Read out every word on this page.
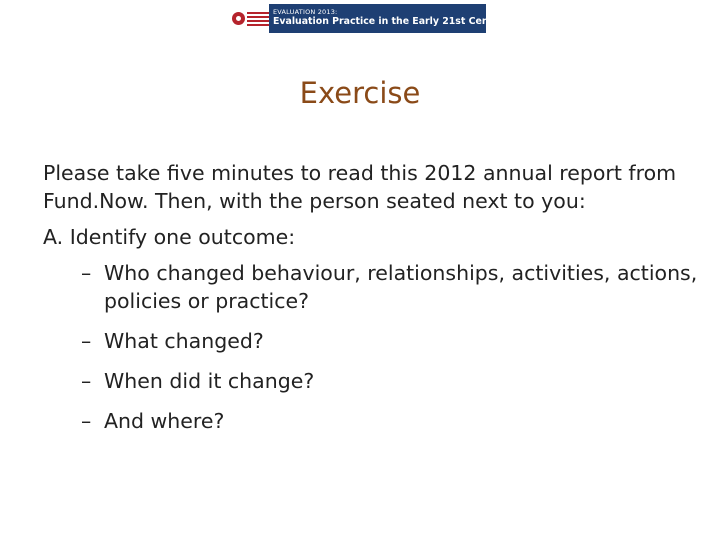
EVALUATION 2013:
Evaluation Practice in the Early 21st Century
Exercise

Please take five minutes to read this 2012 annual report from Fund.Now. Then, with the person seated next to you:

A. Identify one outcome:

– Who changed behaviour, relationships, activities, actions, policies or practice?
– What changed?
– When did it change?
– And where?
